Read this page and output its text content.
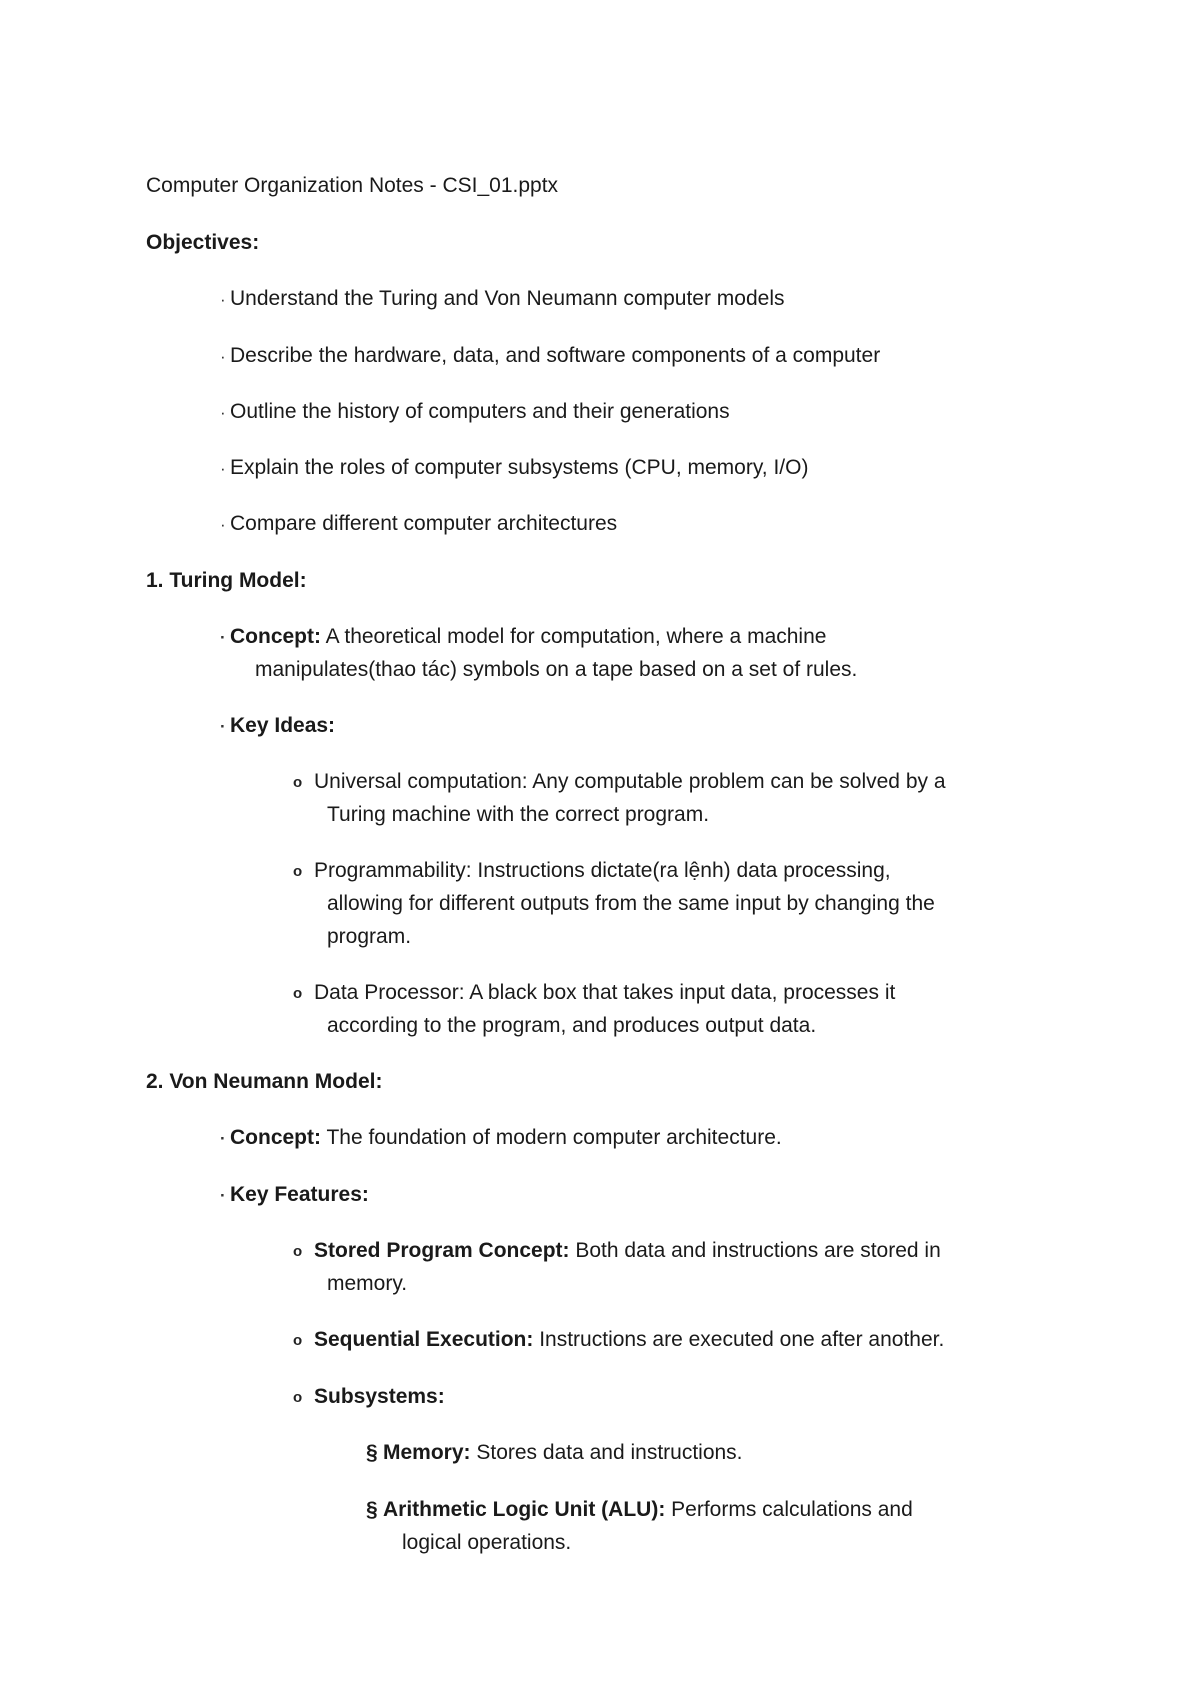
Computer Organization Notes - CSI_01.pptx
Objectives:
· Understand the Turing and Von Neumann computer models
· Describe the hardware, data, and software components of a computer
· Outline the history of computers and their generations
· Explain the roles of computer subsystems (CPU, memory, I/O)
· Compare different computer architectures
1. Turing Model:
· Concept: A theoretical model for computation, where a machine
manipulates(thao tác) symbols on a tape based on a set of rules.
· Key Ideas:
o Universal computation: Any computable problem can be solved by a
Turing machine with the correct program.
o Programmability: Instructions dictate(ra lệnh) data processing,
allowing for different outputs from the same input by changing the
program.
o Data Processor: A black box that takes input data, processes it
according to the program, and produces output data.
2. Von Neumann Model:
· Concept: The foundation of modern computer architecture.
· Key Features:
o Stored Program Concept: Both data and instructions are stored in
memory.
o Sequential Execution: Instructions are executed one after another.
o Subsystems:
§ Memory: Stores data and instructions.
§ Arithmetic Logic Unit (ALU): Performs calculations and
logical operations.
